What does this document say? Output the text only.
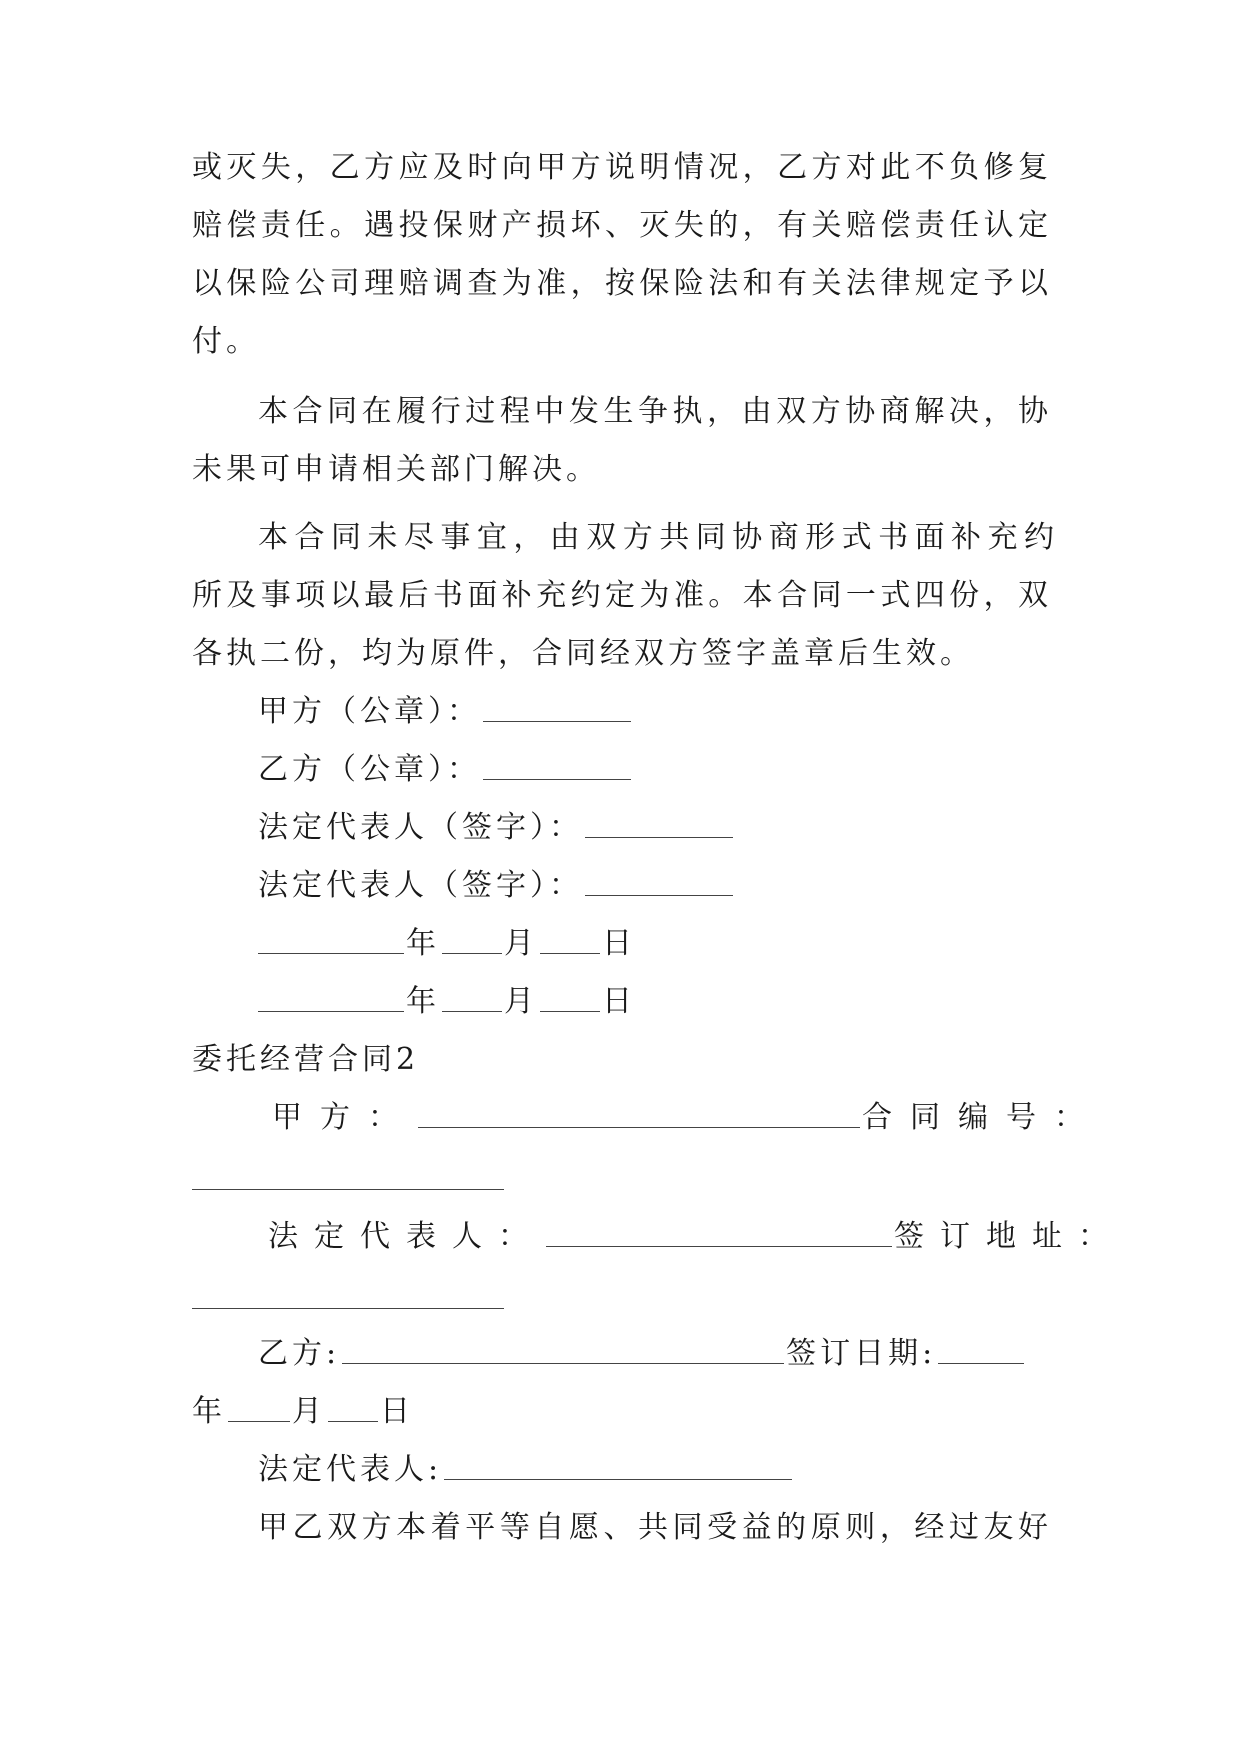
或灭失，乙方应及时向甲方说明情况，乙方对此不负修复
赔偿责任。遇投保财产损坏、灭失的，有关赔偿责任认定
以保险公司理赔调查为准，按保险法和有关法律规定予以
付。
本合同在履行过程中发生争执，由双方协商解决，协
未果可申请相关部门解决。
本合同未尽事宜，由双方共同协商形式书面补充约
所及事项以最后书面补充约定为准。本合同一式四份，双
各执二份，均为原件，合同经双方签字盖章后生效。
甲方（公章）：
乙方（公章）：
法定代表人（签字）：
法定代表人（签字）：
年 月 日
年 月 日
委托经营合同2
甲方：	合同编号：
法定代表人：	签订地址：
乙方:	签订日期:
年 月 日
法定代表人:
甲乙双方本着平等自愿、共同受益的原则，经过友好
